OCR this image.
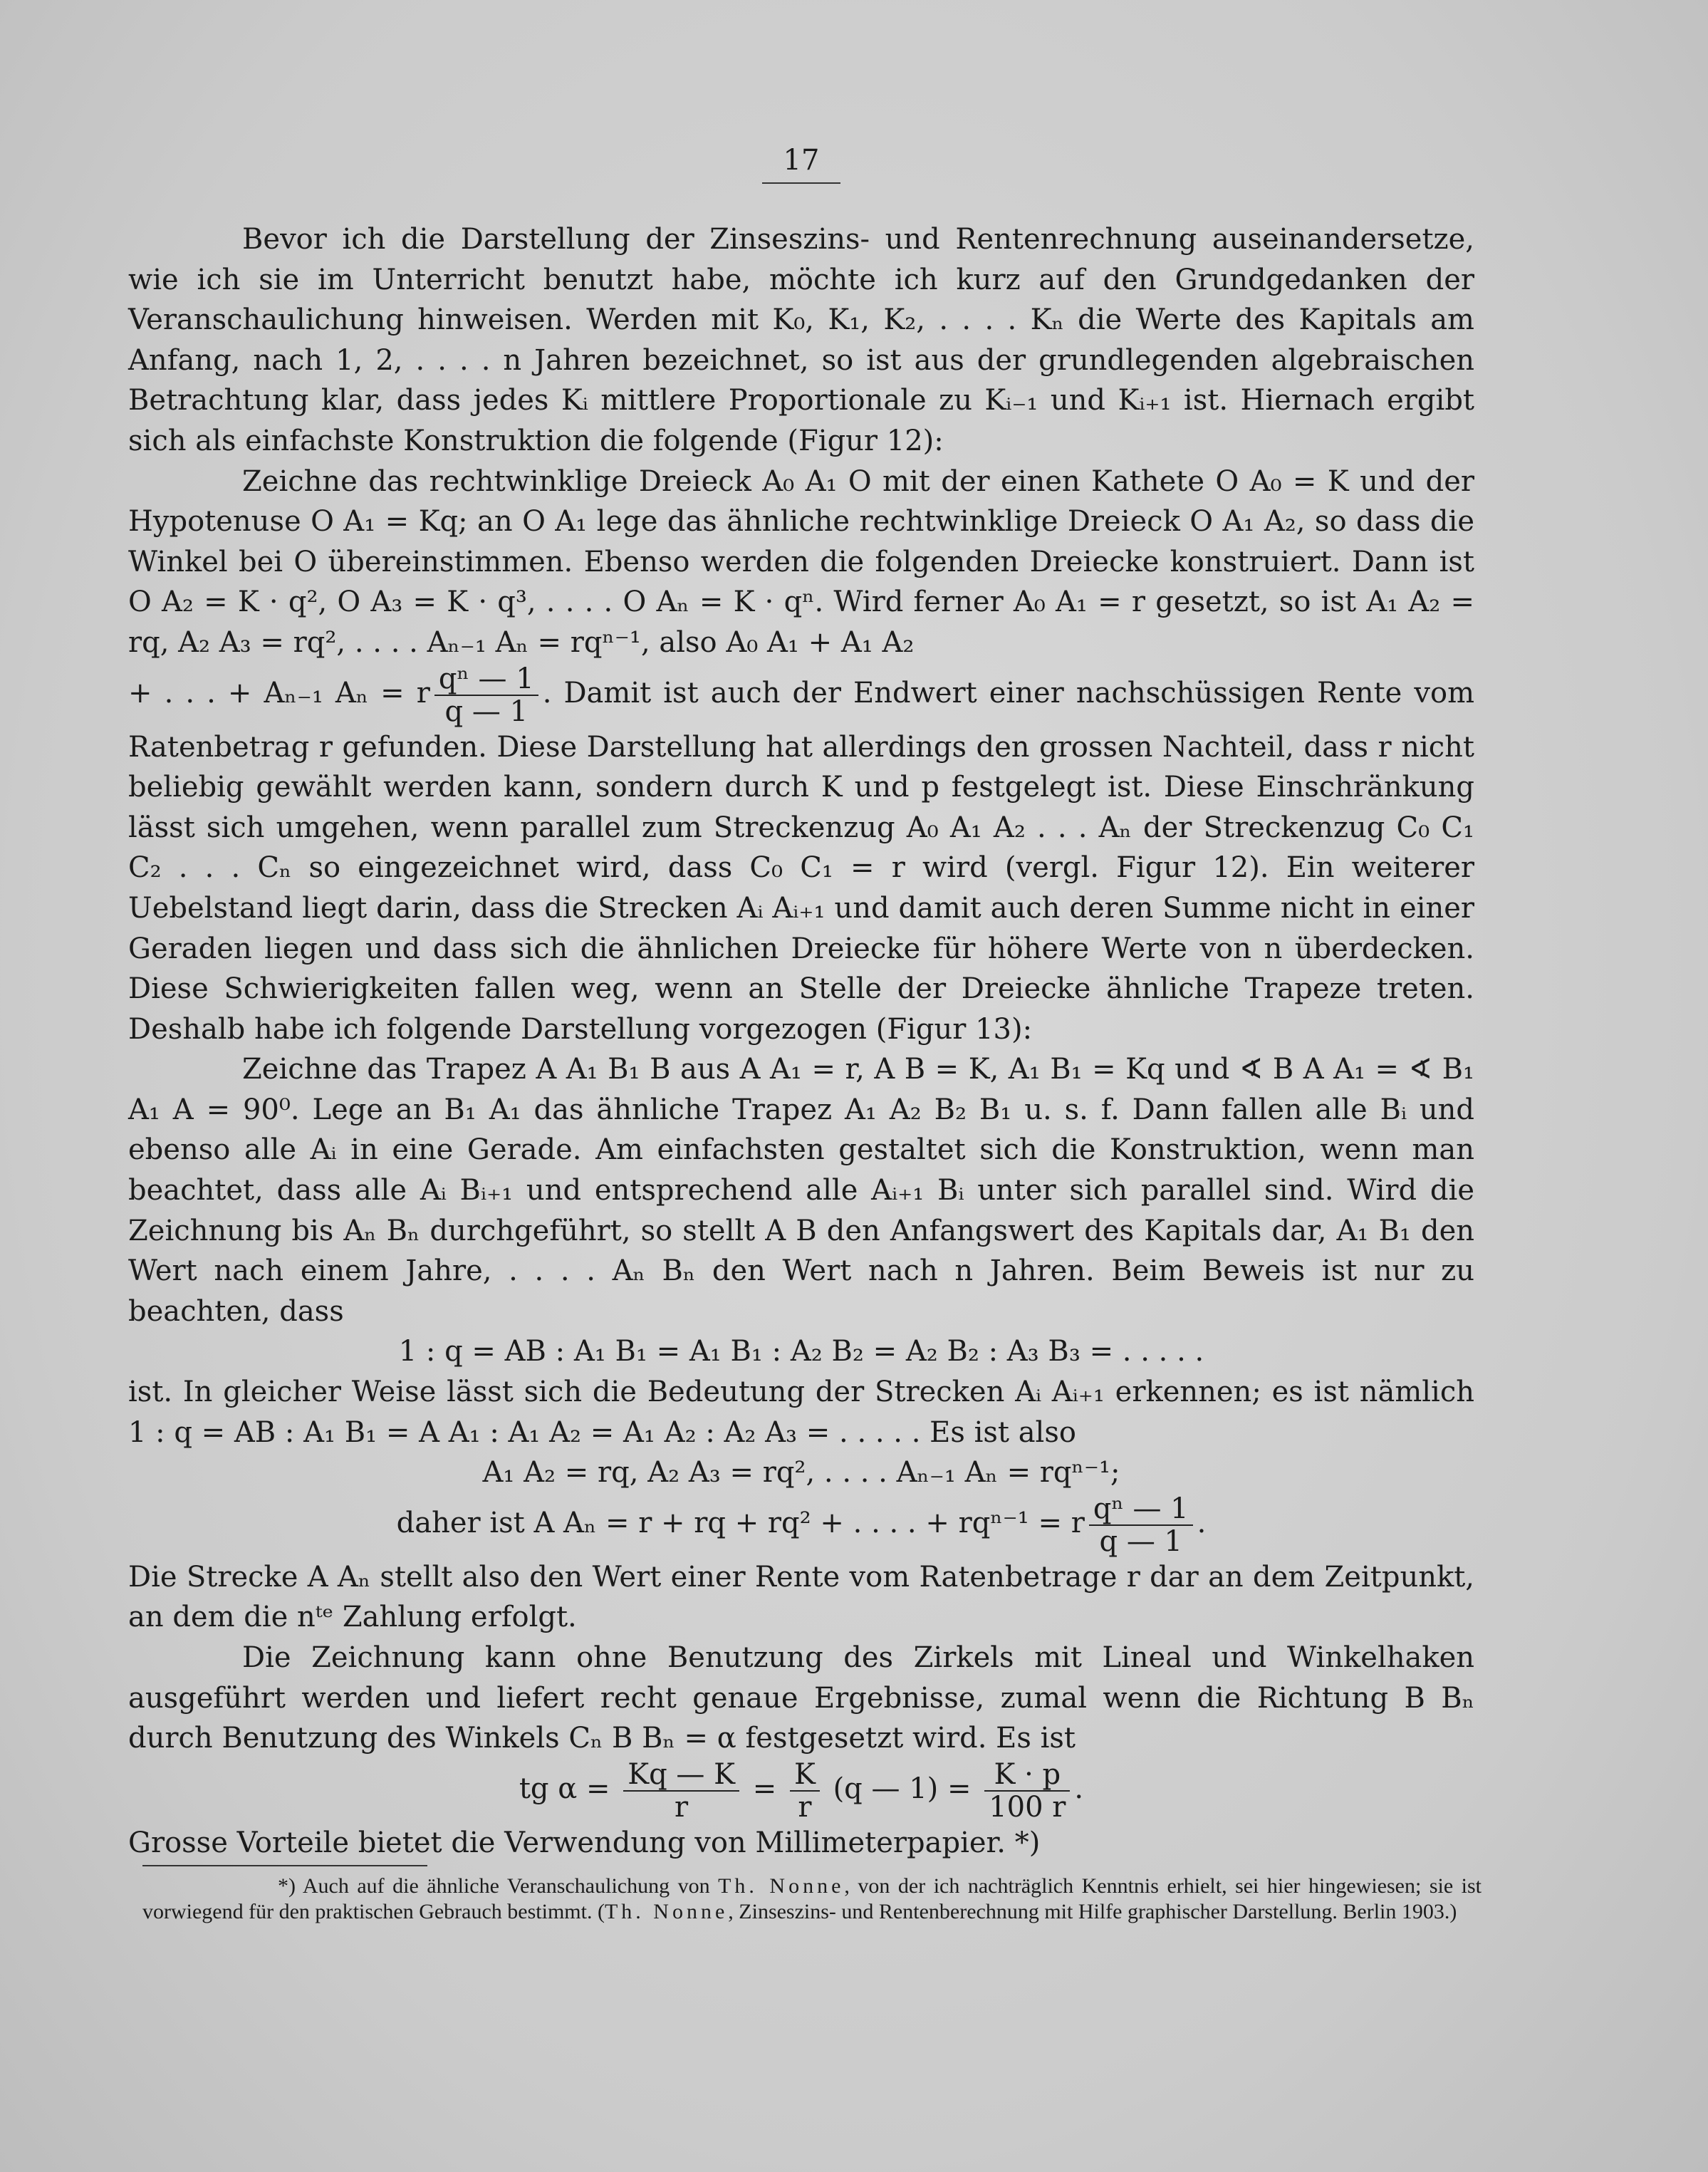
17

Bevor ich die Darstellung der Zinseszins- und Rentenrechnung auseinandersetze, wie ich sie im Unterricht benutzt habe, möchte ich kurz auf den Grundgedanken der Veranschaulichung hinweisen. Werden mit K₀, K₁, K₂, . . . . Kₙ die Werte des Kapitals am Anfang, nach 1, 2, . . . . n Jahren bezeichnet, so ist aus der grundlegenden algebraischen Betrachtung klar, dass jedes Kᵢ mittlere Proportionale zu Kᵢ₋₁ und Kᵢ₊₁ ist. Hiernach ergibt sich als einfachste Konstruktion die folgende (Figur 12):

Zeichne das rechtwinklige Dreieck A₀ A₁ O mit der einen Kathete O A₀ = K und der Hypotenuse O A₁ = Kq; an O A₁ lege das ähnliche rechtwinklige Dreieck O A₁ A₂, so dass die Winkel bei O übereinstimmen. Ebenso werden die folgenden Dreiecke konstruiert. Dann ist O A₂ = K · q², O A₃ = K · q³, . . . . O Aₙ = K · qⁿ. Wird ferner A₀ A₁ = r gesetzt, so ist A₁ A₂ = rq, A₂ A₃ = rq², . . . . Aₙ₋₁ Aₙ = rqⁿ⁻¹, also A₀ A₁ + A₁ A₂

+ . . . + Aₙ₋₁ Aₙ = r $\frac{\text{qⁿ — 1}}{q — 1}$ . Damit ist auch der Endwert einer nachschüssigen Rente vom Ratenbetrag r gefunden. Diese Darstellung hat allerdings den grossen Nachteil, dass r nicht beliebig gewählt werden kann, sondern durch K und p festgelegt ist. Diese Einschränkung lässt sich umgehen, wenn parallel zum Streckenzug A₀ A₁ A₂ . . . Aₙ der Streckenzug C₀ C₁ C₂ . . . Cₙ so eingezeichnet wird, dass C₀ C₁ = r wird (vergl. Figur 12). Ein weiterer Uebelstand liegt darin, dass die Strecken Aᵢ Aᵢ₊₁ und damit auch deren Summe nicht in einer Geraden liegen und dass sich die ähnlichen Dreiecke für höhere Werte von n überdecken. Diese Schwierigkeiten fallen weg, wenn an Stelle der Dreiecke ähnliche Trapeze treten. Deshalb habe ich folgende Darstellung vorgezogen (Figur 13):

Zeichne das Trapez A A₁ B₁ B aus A A₁ = r, A B = K, A₁ B₁ = Kq und ∢ B A A₁ = ∢ B₁ A₁ A = 90⁰. Lege an B₁ A₁ das ähnliche Trapez A₁ A₂ B₂ B₁ u. s. f. Dann fallen alle Bᵢ und ebenso alle Aᵢ in eine Gerade. Am einfachsten gestaltet sich die Konstruktion, wenn man beachtet, dass alle Aᵢ Bᵢ₊₁ und entsprechend alle Aᵢ₊₁ Bᵢ unter sich parallel sind. Wird die Zeichnung bis Aₙ Bₙ durchgeführt, so stellt A B den Anfangswert des Kapitals dar, A₁ B₁ den Wert nach einem Jahre, . . . . Aₙ Bₙ den Wert nach n Jahren. Beim Beweis ist nur zu beachten, dass

1 : q = AB : A₁ B₁ = A₁ B₁ : A₂ B₂ = A₂ B₂ : A₃ B₃ = . . . . .

ist. In gleicher Weise lässt sich die Bedeutung der Strecken Aᵢ Aᵢ₊₁ erkennen; es ist nämlich 1 : q = AB : A₁ B₁ = A A₁ : A₁ A₂ = A₁ A₂ : A₂ A₃ = . . . . . Es ist also

A₁ A₂ = rq, A₂ A₃ = rq², . . . . Aₙ₋₁ Aₙ = rqⁿ⁻¹;
daher ist A Aₙ = r + rq + rq² + . . . . + rqⁿ⁻¹ = r $\frac{\text{qⁿ — 1}}{q — 1}$ .

Die Strecke A Aₙ stellt also den Wert einer Rente vom Ratenbetrage r dar an dem Zeitpunkt, an dem die nᵗᵉ Zahlung erfolgt.

Die Zeichnung kann ohne Benutzung des Zirkels mit Lineal und Winkelhaken ausgeführt werden und liefert recht genaue Ergebnisse, zumal wenn die Richtung B Bₙ durch Benutzung des Winkels Cₙ B Bₙ = α festgesetzt wird. Es ist

tg $\alpha = \frac{Kq — K}{r} = \frac{K}{r} (q$ — $1) = \frac{K \cdot p}{100 r}$ .

Grosse Vorteile bietet die Verwendung von Millimeterpapier. *)

*) Auch auf die ähnliche Veranschaulichung von Th. Nonne, von der ich nachträglich Kenntnis erhielt, sei hier hingewiesen; sie ist vorwiegend für den praktischen Gebrauch bestimmt. (Th. Nonne, Zinseszins- und Rentenberechnung mit Hilfe graphischer Darstellung. Berlin 1903.)
